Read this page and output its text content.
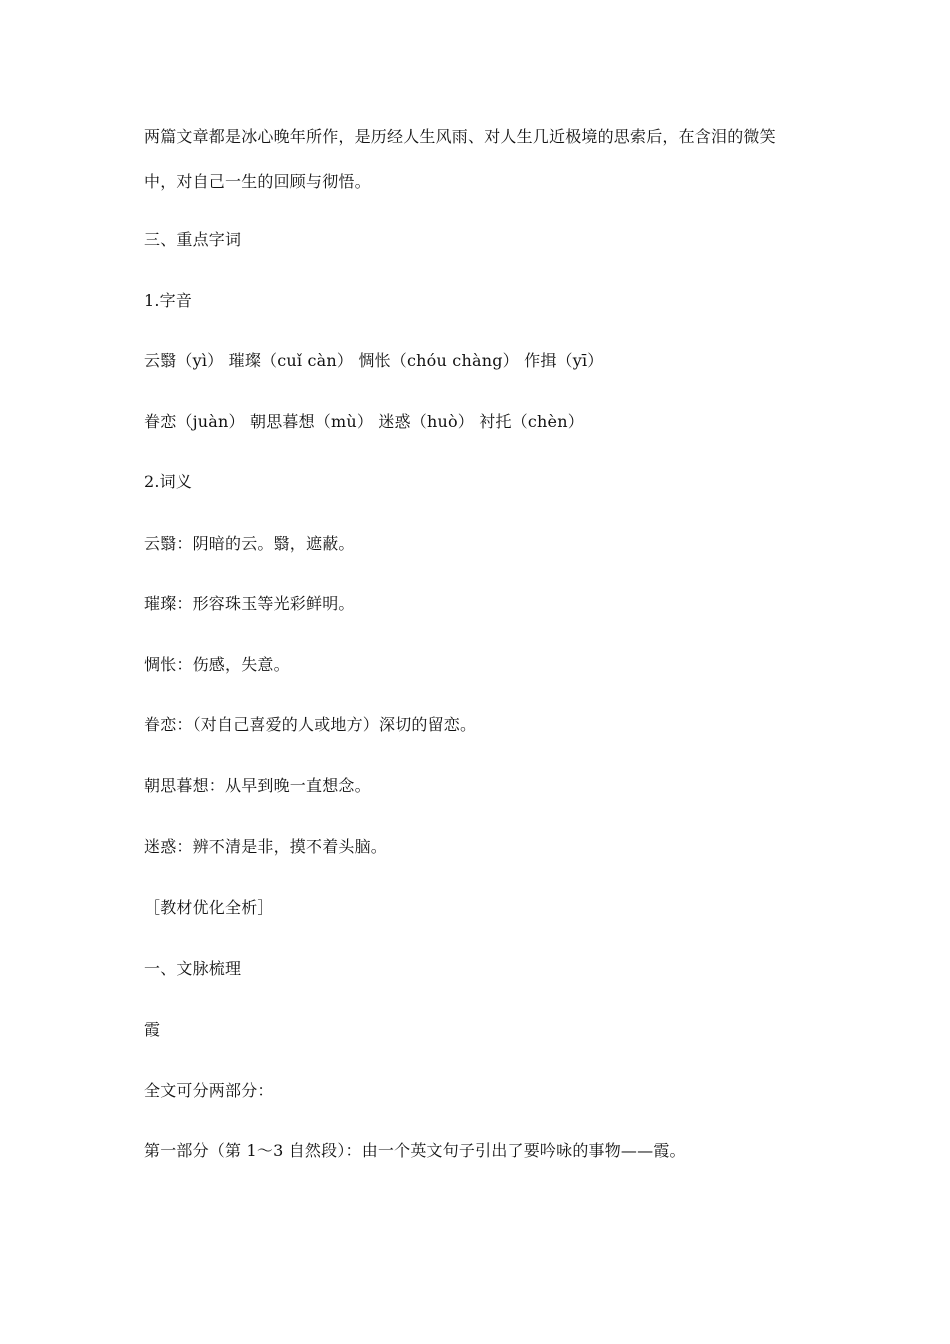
两篇文章都是冰心晚年所作，是历经人生风雨、对人生几近极境的思索后，在含泪的微笑
中，对自己一生的回顾与彻悟。
三、重点字词
1.字音
云翳（yì） 璀璨（cuǐ càn） 惆怅（chóu chàng） 作揖（yī）
眷恋（juàn） 朝思暮想（mù） 迷惑（huò） 衬托（chèn）
2.词义
云翳：阴暗的云。翳，遮蔽。
璀璨：形容珠玉等光彩鲜明。
惆怅：伤感，失意。
眷恋：（对自己喜爱的人或地方）深切的留恋。
朝思暮想：从早到晚一直想念。
迷惑：辨不清是非，摸不着头脑。
［教材优化全析］
一、文脉梳理
霞
全文可分两部分：
第一部分（第 1～3 自然段）：由一个英文句子引出了要吟咏的事物——霞。
